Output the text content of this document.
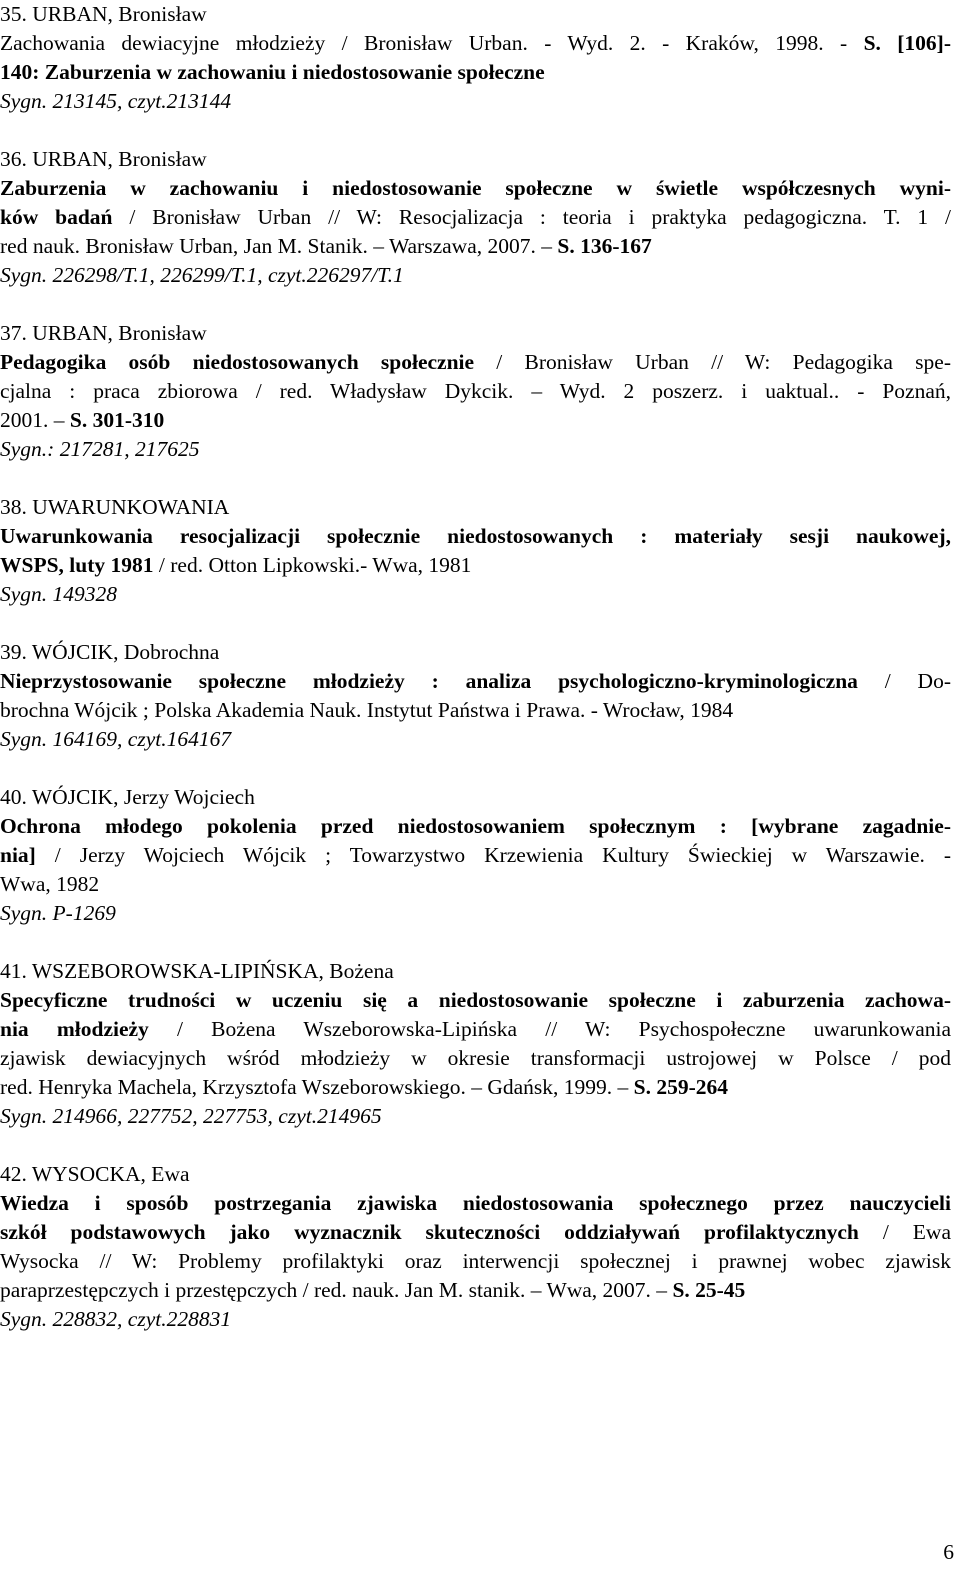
35. URBAN, Bronisław
Zachowania dewiacyjne młodzieży / Bronisław Urban. - Wyd. 2. - Kraków, 1998. - S. [106]-
140: Zaburzenia w zachowaniu i niedostosowanie społeczne
Sygn. 213145, czyt.213144
36. URBAN, Bronisław
Zaburzenia w zachowaniu i niedostosowanie społeczne w świetle współczesnych wyni-
ków badań / Bronisław Urban // W: Resocjalizacja : teoria i praktyka pedagogiczna. T. 1 /
red nauk. Bronisław Urban, Jan M. Stanik. – Warszawa, 2007. – S. 136-167
Sygn. 226298/T.1, 226299/T.1, czyt.226297/T.1
37. URBAN, Bronisław
Pedagogika osób niedostosowanych społecznie / Bronisław Urban // W: Pedagogika spe-
cjalna : praca zbiorowa / red. Władysław Dykcik. – Wyd. 2 poszerz. i uaktual.. - Poznań,
2001. – S. 301-310
Sygn.: 217281, 217625
38. UWARUNKOWANIA
Uwarunkowania resocjalizacji społecznie niedostosowanych : materiały sesji naukowej,
WSPS, luty 1981 / red. Otton Lipkowski.- Wwa, 1981
Sygn. 149328
39. WÓJCIK, Dobrochna
Nieprzystosowanie społeczne młodzieży : analiza psychologiczno-kryminologiczna / Do-
brochna Wójcik ; Polska Akademia Nauk. Instytut Państwa i Prawa. - Wrocław, 1984
Sygn. 164169, czyt.164167
40. WÓJCIK, Jerzy Wojciech
Ochrona młodego pokolenia przed niedostosowaniem społecznym : [wybrane zagadnie-
nia] / Jerzy Wojciech Wójcik ; Towarzystwo Krzewienia Kultury Świeckiej w Warszawie. -
Wwa, 1982
Sygn. P-1269
41. WSZEBOROWSKA-LIPIŃSKA, Bożena
Specyficzne trudności w uczeniu się a niedostosowanie społeczne i zaburzenia zachowa-
nia młodzieży / Bożena Wszeborowska-Lipińska // W: Psychospołeczne uwarunkowania
zjawisk dewiacyjnych wśród młodzieży w okresie transformacji ustrojowej w Polsce / pod
red. Henryka Machela, Krzysztofa Wszeborowskiego. – Gdańsk, 1999. – S. 259-264
Sygn. 214966, 227752, 227753, czyt.214965
42. WYSOCKA, Ewa
Wiedza i sposób postrzegania zjawiska niedostosowania społecznego przez nauczycieli
szkół podstawowych jako wyznacznik skuteczności oddziaływań profilaktycznych / Ewa
Wysocka // W: Problemy profilaktyki oraz interwencji społecznej i prawnej wobec zjawisk
paraprzestępczych i przestępczych / red. nauk. Jan M. stanik. – Wwa, 2007. – S. 25-45
Sygn. 228832, czyt.228831
6
